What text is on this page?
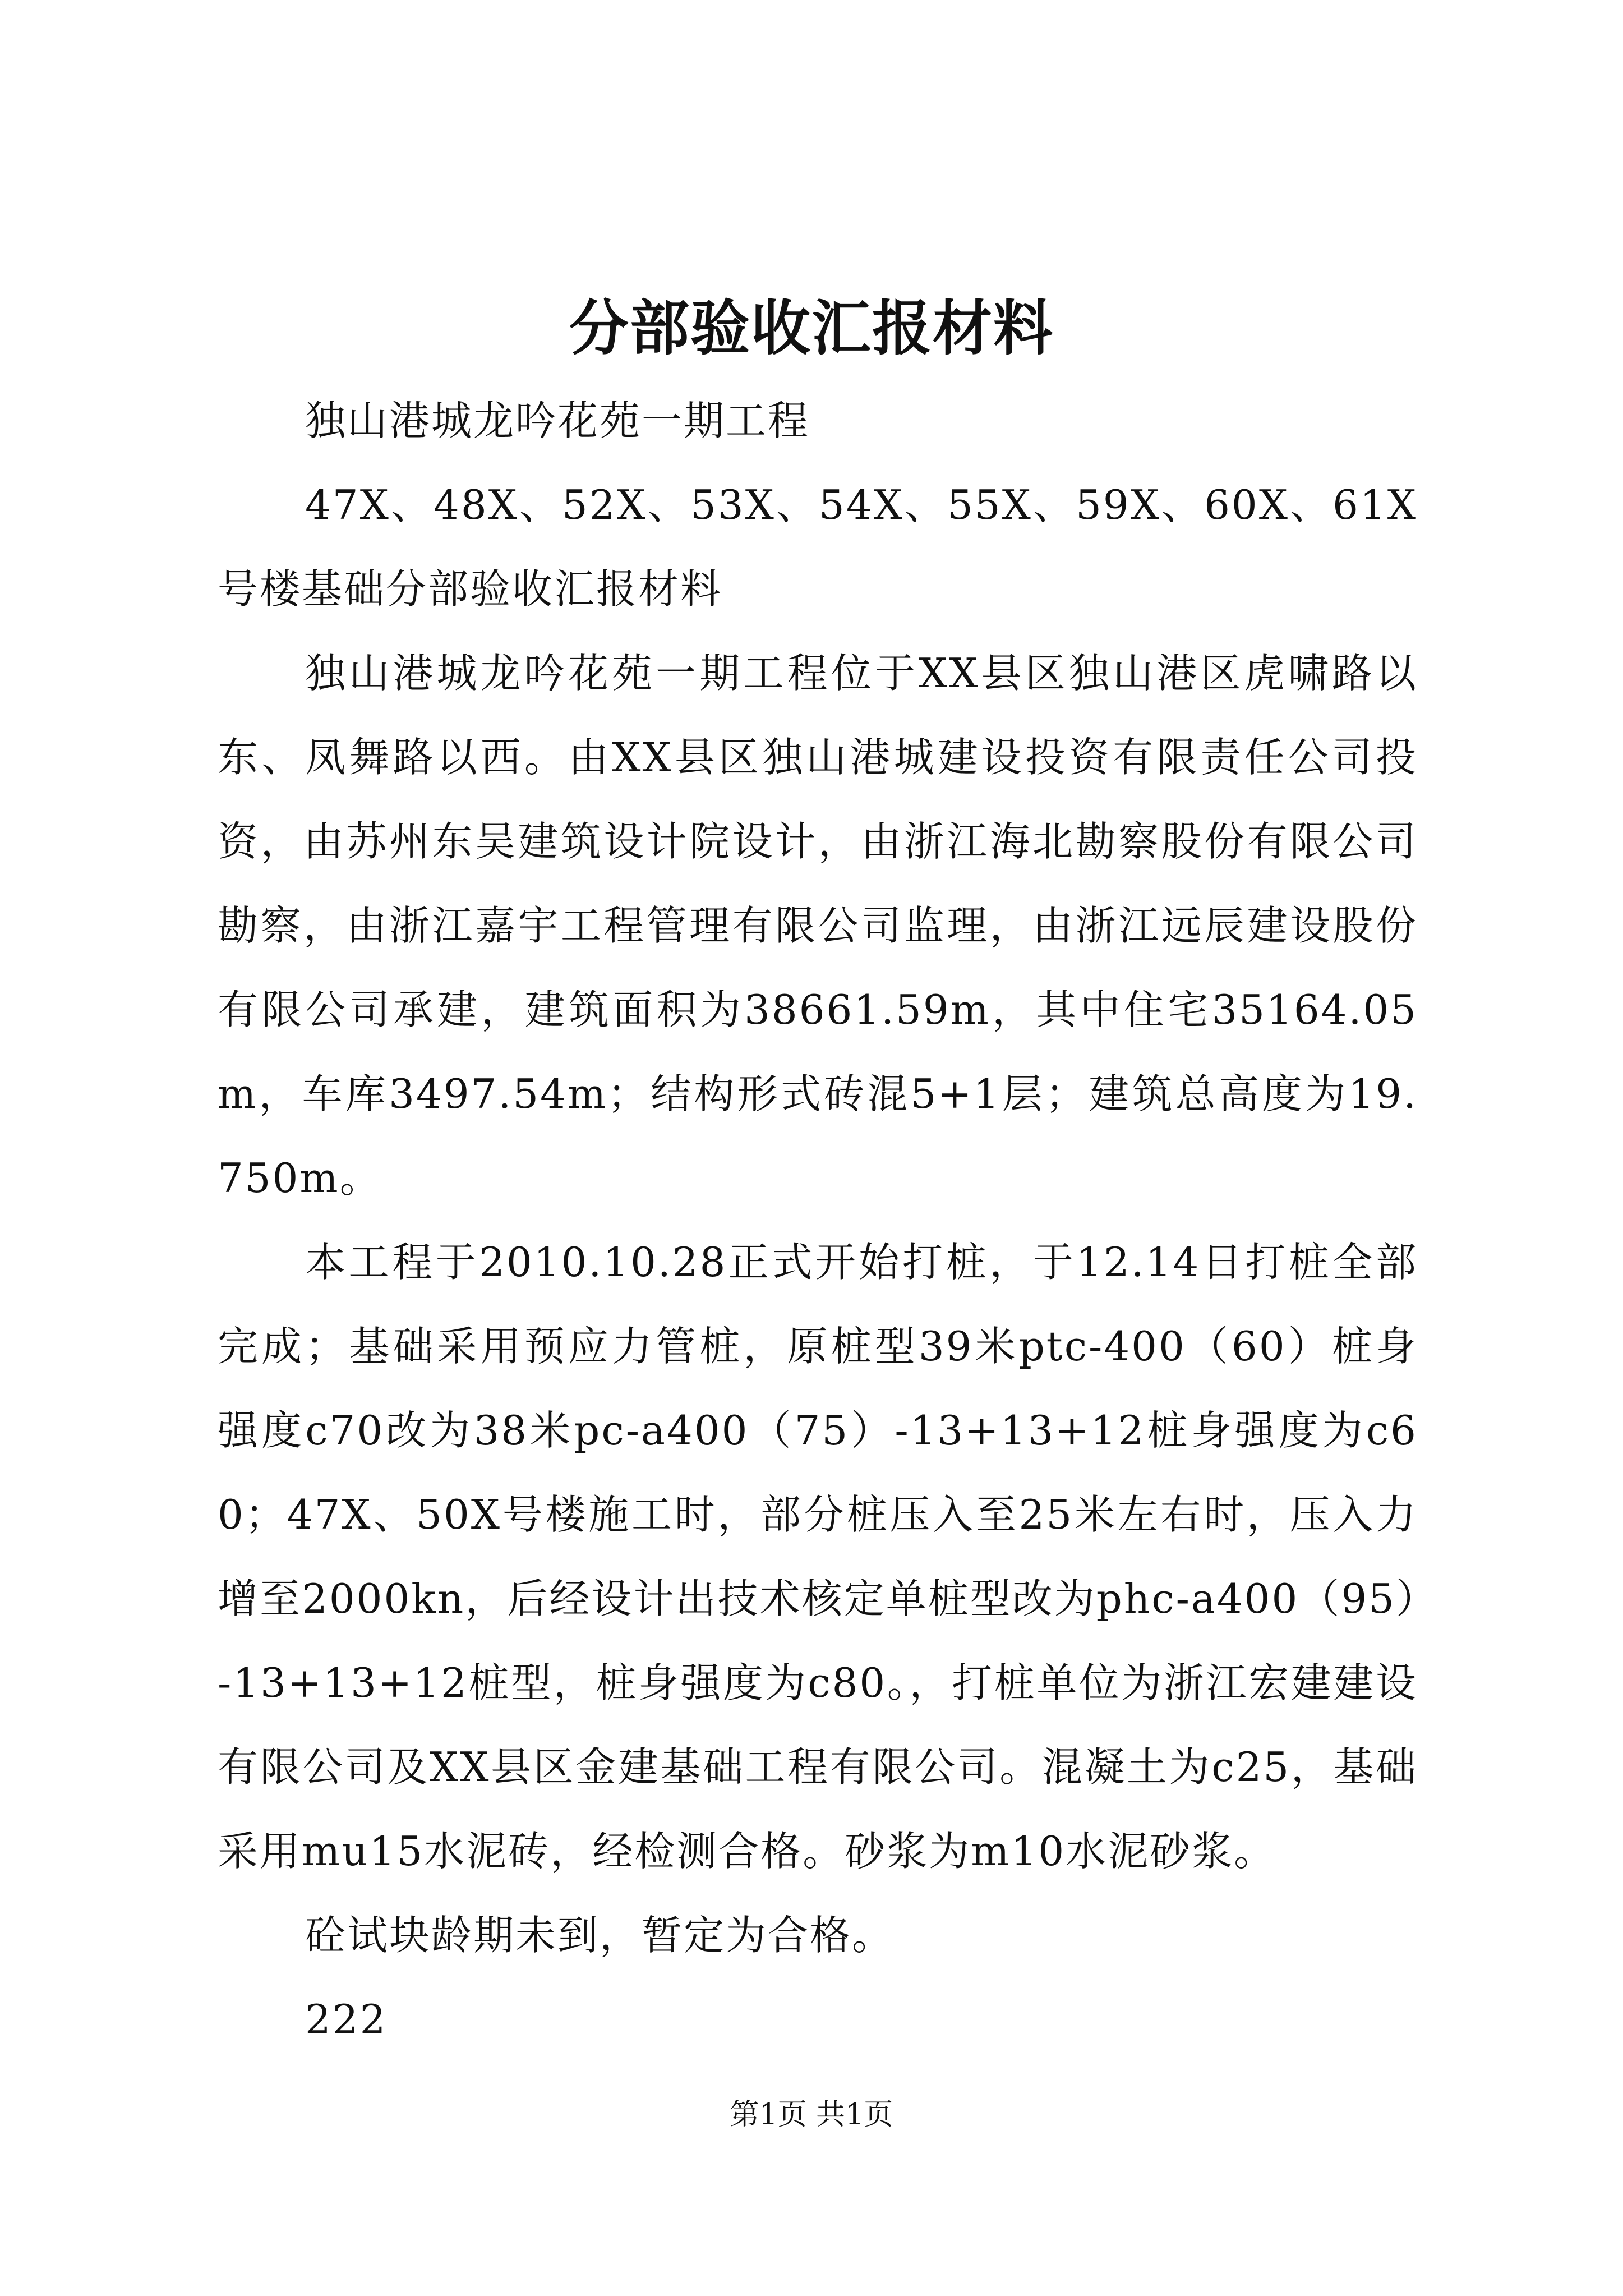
分部验收汇报材料

独山港城龙吟花苑一期工程

47X、48X、52X、53X、54X、55X、59X、60X、61X号楼基础分部验收汇报材料

独山港城龙吟花苑一期工程位于XX县区独山港区虎啸路以东、凤舞路以西。由XX县区独山港城建设投资有限责任公司投资，由苏州东吴建筑设计院设计，由浙江海北勘察股份有限公司勘察，由浙江嘉宇工程管理有限公司监理，由浙江远辰建设股份有限公司承建，建筑面积为38661.59m，其中住宅35164.05m，车库3497.54m；结构形式砖混5+1层；建筑总高度为19.750m。

本工程于2010.10.28正式开始打桩，于12.14日打桩全部完成；基础采用预应力管桩，原桩型39米ptc-400（60）桩身强度c70改为38米pc-a400（75）-13+13+12桩身强度为c60；47X、50X号楼施工时，部分桩压入至25米左右时，压入力增至2000kn，后经设计出技术核定单桩型改为phc-a400（95）-13+13+12桩型，桩身强度为c80。，打桩单位为浙江宏建建设有限公司及XX县区金建基础工程有限公司。混凝土为c25，基础采用mu15水泥砖，经检测合格。砂浆为m10水泥砂浆。

砼试块龄期未到，暂定为合格。

222

第1页 共1页
